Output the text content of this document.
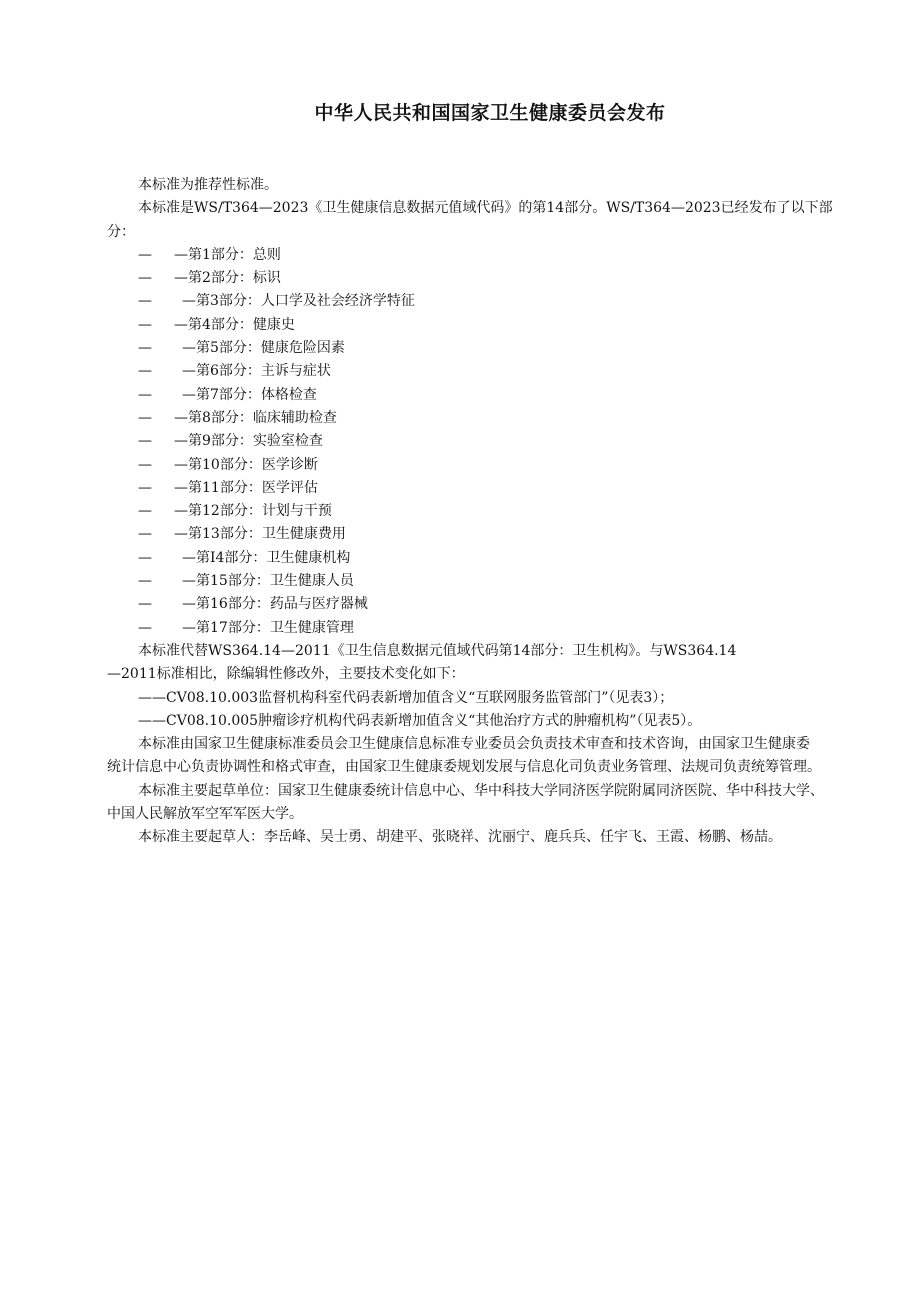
中华人民共和国国家卫生健康委员会发布

本标准为推荐性标准。

本标准是WS/T364—2023《卫生健康信息数据元值域代码》的第14部分。WS/T364—2023已经发布了以下部

分：

— —第1部分：总则
— —第2部分：标识
— —第3部分：人口学及社会经济学特征
— —第4部分：健康史
— —第5部分：健康危险因素
— —第6部分：主诉与症状
— —第7部分：体格检查
— —第8部分：临床辅助检查
— —第9部分：实验室检查
— —第10部分：医学诊断
— —第11部分：医学评估
— —第12部分：计划与干预
— —第13部分：卫生健康费用
— —第I4部分：卫生健康机构
— —第15部分：卫生健康人员
— —第16部分：药品与医疗器械
— —第17部分：卫生健康管理

本标准代替WS364.14—2011《卫生信息数据元值域代码第14部分：卫生机构》。与WS364.14

—2011标准相比，除编辑性修改外，主要技术变化如下：

——CV08.10.003监督机构科室代码表新增加值含义“互联网服务监管部门”（见表3）；

——CV08.10.005肿瘤诊疗机构代码表新增加值含义“其他治疗方式的肿瘤机构”（见表5）。

本标准由国家卫生健康标准委员会卫生健康信息标准专业委员会负责技术审查和技术咨询，由国家卫生健康委

统计信息中心负责协调性和格式审查，由国家卫生健康委规划发展与信息化司负责业务管理、法规司负责统筹管理。

本标准主要起草单位：国家卫生健康委统计信息中心、华中科技大学同济医学院附属同济医院、华中科技大学、

中国人民解放军空军军医大学。

本标准主要起草人：李岳峰、吴士勇、胡建平、张晓祥、沈丽宁、鹿兵兵、任宇飞、王霞、杨鹏、杨喆。
